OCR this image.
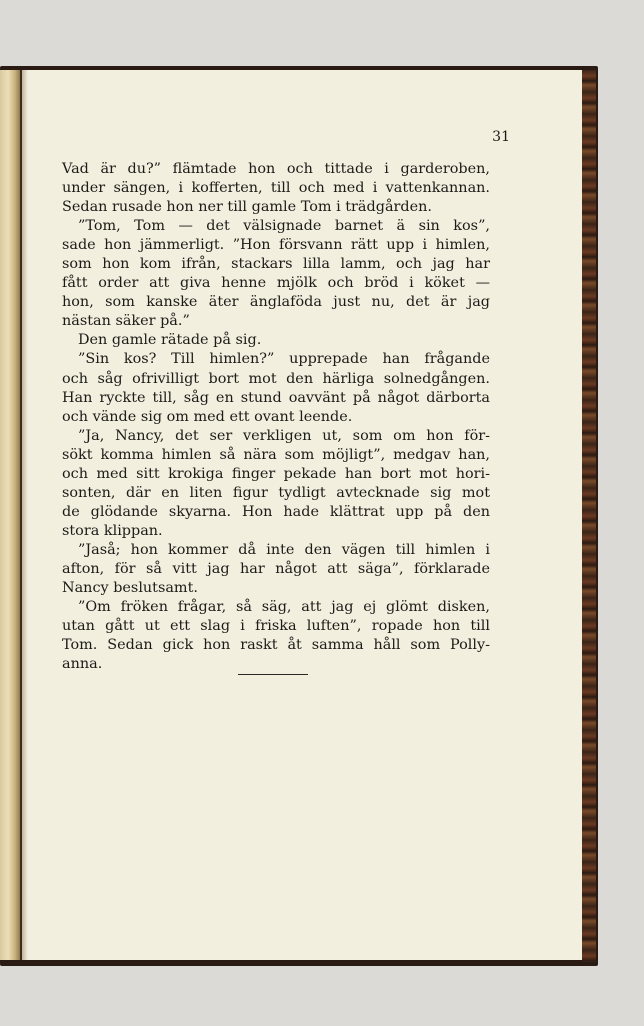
31
Vad är du?” flämtade hon och tittade i garderoben,
under sängen, i kofferten, till och med i vattenkannan.
Sedan rusade hon ner till gamle Tom i trädgården.
”Tom, Tom — det välsignade barnet ä sin kos”,
sade hon jämmerligt. ”Hon försvann rätt upp i himlen,
som hon kom ifrån, stackars lilla lamm, och jag har
fått order att giva henne mjölk och bröd i köket —
hon, som kanske äter änglaföda just nu, det är jag
nästan säker på.”
Den gamle rätade på sig.
”Sin kos? Till himlen?” upprepade han frågande
och såg ofrivilligt bort mot den härliga solnedgången.
Han ryckte till, såg en stund oavvänt på något därborta
och vände sig om med ett ovant leende.
”Ja, Nancy, det ser verkligen ut, som om hon för-
sökt komma himlen så nära som möjligt”, medgav han,
och med sitt krokiga finger pekade han bort mot hori-
sonten, där en liten figur tydligt avtecknade sig mot
de glödande skyarna. Hon hade klättrat upp på den
stora klippan.
”Jaså; hon kommer då inte den vägen till himlen i
afton, för så vitt jag har något att säga”, förklarade
Nancy beslutsamt.
”Om fröken frågar, så säg, att jag ej glömt disken,
utan gått ut ett slag i friska luften”, ropade hon till
Tom. Sedan gick hon raskt åt samma håll som Polly-
anna.
